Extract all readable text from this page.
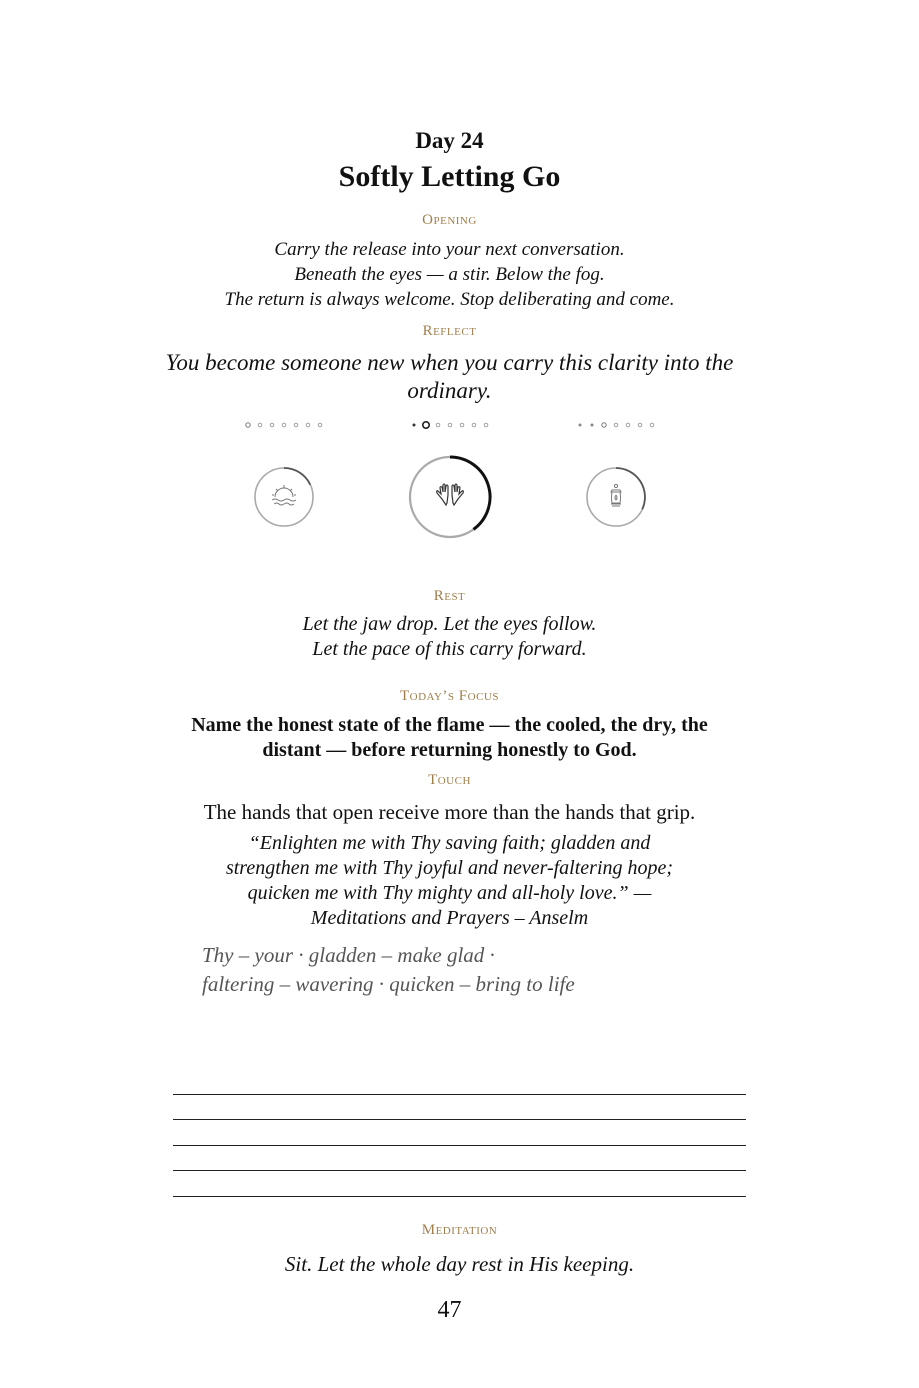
Day 24
Softly Letting Go
Opening
Carry the release into your next conversation.
Beneath the eyes — a stir. Below the fog.
The return is always welcome. Stop deliberating and come.
Reflect
You become someone new when you carry this clarity into the
ordinary.
Rest
Let the jaw drop. Let the eyes follow.
Let the pace of this carry forward.
Today’s Focus
Name the honest state of the flame — the cooled, the dry, the
distant — before returning honestly to God.
Touch
The hands that open receive more than the hands that grip.
“Enlighten me with Thy saving faith; gladden and
strengthen me with Thy joyful and never-faltering hope;
quicken me with Thy mighty and all-holy love.” —
Meditations and Prayers – Anselm
Thy – your · gladden – make glad ·
faltering – wavering · quicken – bring to life
Meditation
Sit. Let the whole day rest in His keeping.
47
